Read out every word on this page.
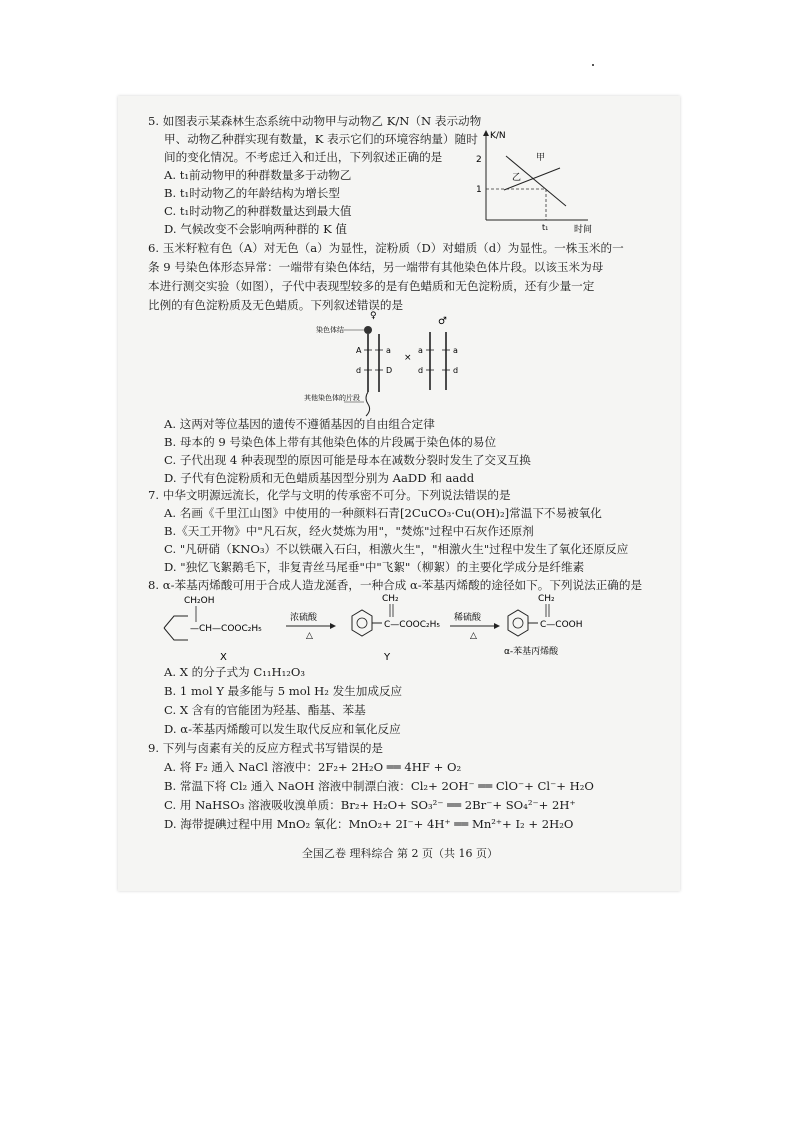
5. 如图表示某森林生态系统中动物甲与动物乙 K/N（N 表示动物
甲、动物乙种群实现有数量，K 表示它们的环境容纳量）随时
间的变化情况。不考虑迁入和迁出，下列叙述正确的是
A. t₁前动物甲的种群数量多于动物乙
B. t₁时动物乙的年龄结构为增长型
C. t₁时动物乙的种群数量达到最大值
D. 气候改变不会影响两种群的 K 值
K/N
时间
2
1
t₁
甲
乙
6. 玉米籽粒有色（A）对无色（a）为显性，淀粉质（D）对蜡质（d）为显性。一株玉米的一
条 9 号染色体形态异常：一端带有染色体结，另一端带有其他染色体片段。以该玉米为母
本进行测交实验（如图），子代中表现型较多的是有色蜡质和无色淀粉质，还有少量一定
比例的有色淀粉质及无色蜡质。下列叙述错误的是
♀	♂
染色体结
A	a
d	D
×
a	a
d	d
其他染色体的片段
A. 这两对等位基因的遗传不遵循基因的自由组合定律
B. 母本的 9 号染色体上带有其他染色体的片段属于染色体的易位
C. 子代出现 4 种表现型的原因可能是母本在减数分裂时发生了交叉互换
D. 子代有色淀粉质和无色蜡质基因型分别为 AaDD 和 aadd
7. 中华文明源远流长，化学与文明的传承密不可分。下列说法错误的是
A. 名画《千里江山图》中使用的一种颜料石青[2CuCO₃·Cu(OH)₂]常温下不易被氧化
B.《天工开物》中"凡石灰，经火焚炼为用"，"焚炼"过程中石灰作还原剂
C. "凡研硝（KNO₃）不以铁碾入石臼，相激火生"，"相激火生"过程中发生了氧化还原反应
D. "独忆飞絮鹅毛下，非复青丝马尾垂"中"飞絮"（柳絮）的主要化学成分是纤维素
8. α-苯基丙烯酸可用于合成人造龙涎香，一种合成 α-苯基丙烯酸的途径如下。下列说法正确的是
CH₂OH
—CH—COOC₂H₅
X
浓硫酸
△
CH₂
C—COOC₂H₅
Y
稀硫酸
△
CH₂
C—COOH
α-苯基丙烯酸
A. X 的分子式为 C₁₁H₁₂O₃
B. 1 mol Y 最多能与 5 mol H₂ 发生加成反应
C. X 含有的官能团为羟基、酯基、苯基
D. α-苯基丙烯酸可以发生取代反应和氧化反应
9. 下列与卤素有关的反应方程式书写错误的是
A. 将 F₂ 通入 NaCl 溶液中：2F₂+ 2H₂O ══ 4HF + O₂
B. 常温下将 Cl₂ 通入 NaOH 溶液中制漂白液：Cl₂+ 2OH⁻ ══ ClO⁻+ Cl⁻+ H₂O
C. 用 NaHSO₃ 溶液吸收溴单质：Br₂+ H₂O+ SO₃²⁻ ══ 2Br⁻+ SO₄²⁻+ 2H⁺
D. 海带提碘过程中用 MnO₂ 氧化：MnO₂+ 2I⁻+ 4H⁺ ══ Mn²⁺+ I₂ + 2H₂O
全国乙卷 理科综合 第 2 页（共 16 页）
